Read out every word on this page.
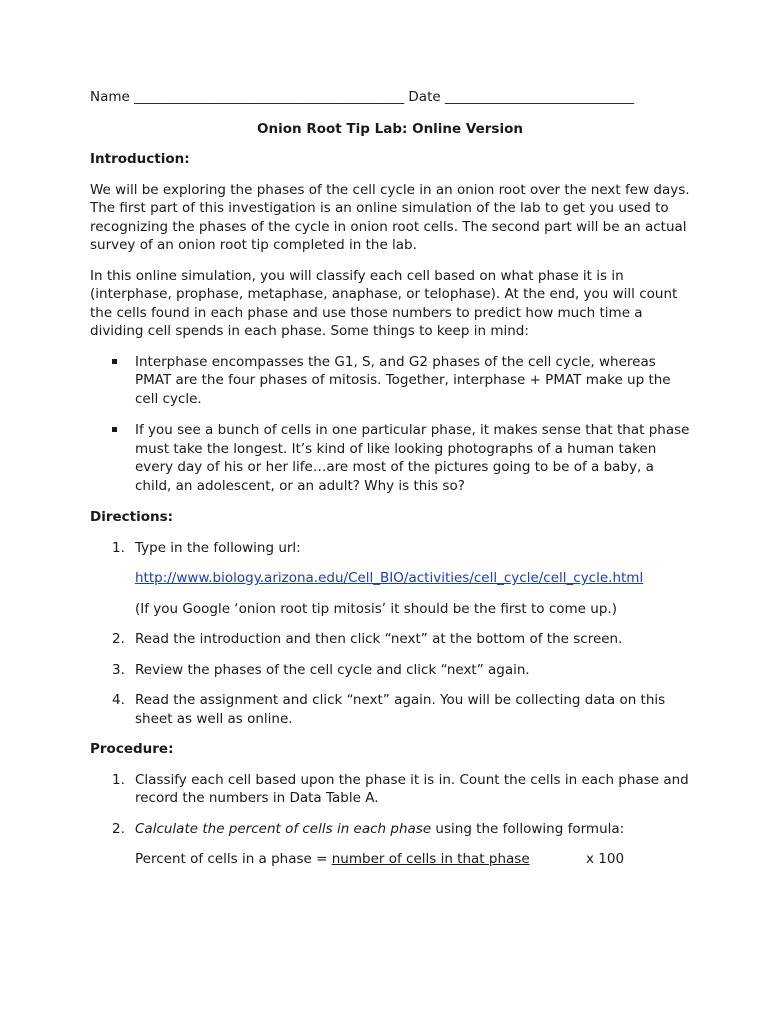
Name ________________________________________ Date ____________________________

Onion Root Tip Lab: Online Version

Introduction:

We will be exploring the phases of the cell cycle in an onion root over the next few days. The first part of this investigation is an online simulation of the lab to get you used to recognizing the phases of the cycle in onion root cells. The second part will be an actual survey of an onion root tip completed in the lab.

In this online simulation, you will classify each cell based on what phase it is in (interphase, prophase, metaphase, anaphase, or telophase). At the end, you will count the cells found in each phase and use those numbers to predict how much time a dividing cell spends in each phase. Some things to keep in mind:

Interphase encompasses the G1, S, and G2 phases of the cell cycle, whereas PMAT are the four phases of mitosis. Together, interphase + PMAT make up the cell cycle.
If you see a bunch of cells in one particular phase, it makes sense that that phase must take the longest. It’s kind of like looking photographs of a human taken every day of his or her life…are most of the pictures going to be of a baby, a child, an adolescent, or an adult? Why is this so?

Directions:

1. Type in the following url:
http://www.biology.arizona.edu/Cell_BIO/activities/cell_cycle/cell_cycle.html
(If you Google ‘onion root tip mitosis’ it should be the first to come up.)
2. Read the introduction and then click “next” at the bottom of the screen.
3. Review the phases of the cell cycle and click “next” again.
4. Read the assignment and click “next” again. You will be collecting data on this sheet as well as online.

Procedure:

1. Classify each cell based upon the phase it is in. Count the cells in each phase and record the numbers in Data Table A.
2. Calculate the percent of cells in each phase using the following formula:
Percent of cells in a phase = number of cells in that phase	x 100
